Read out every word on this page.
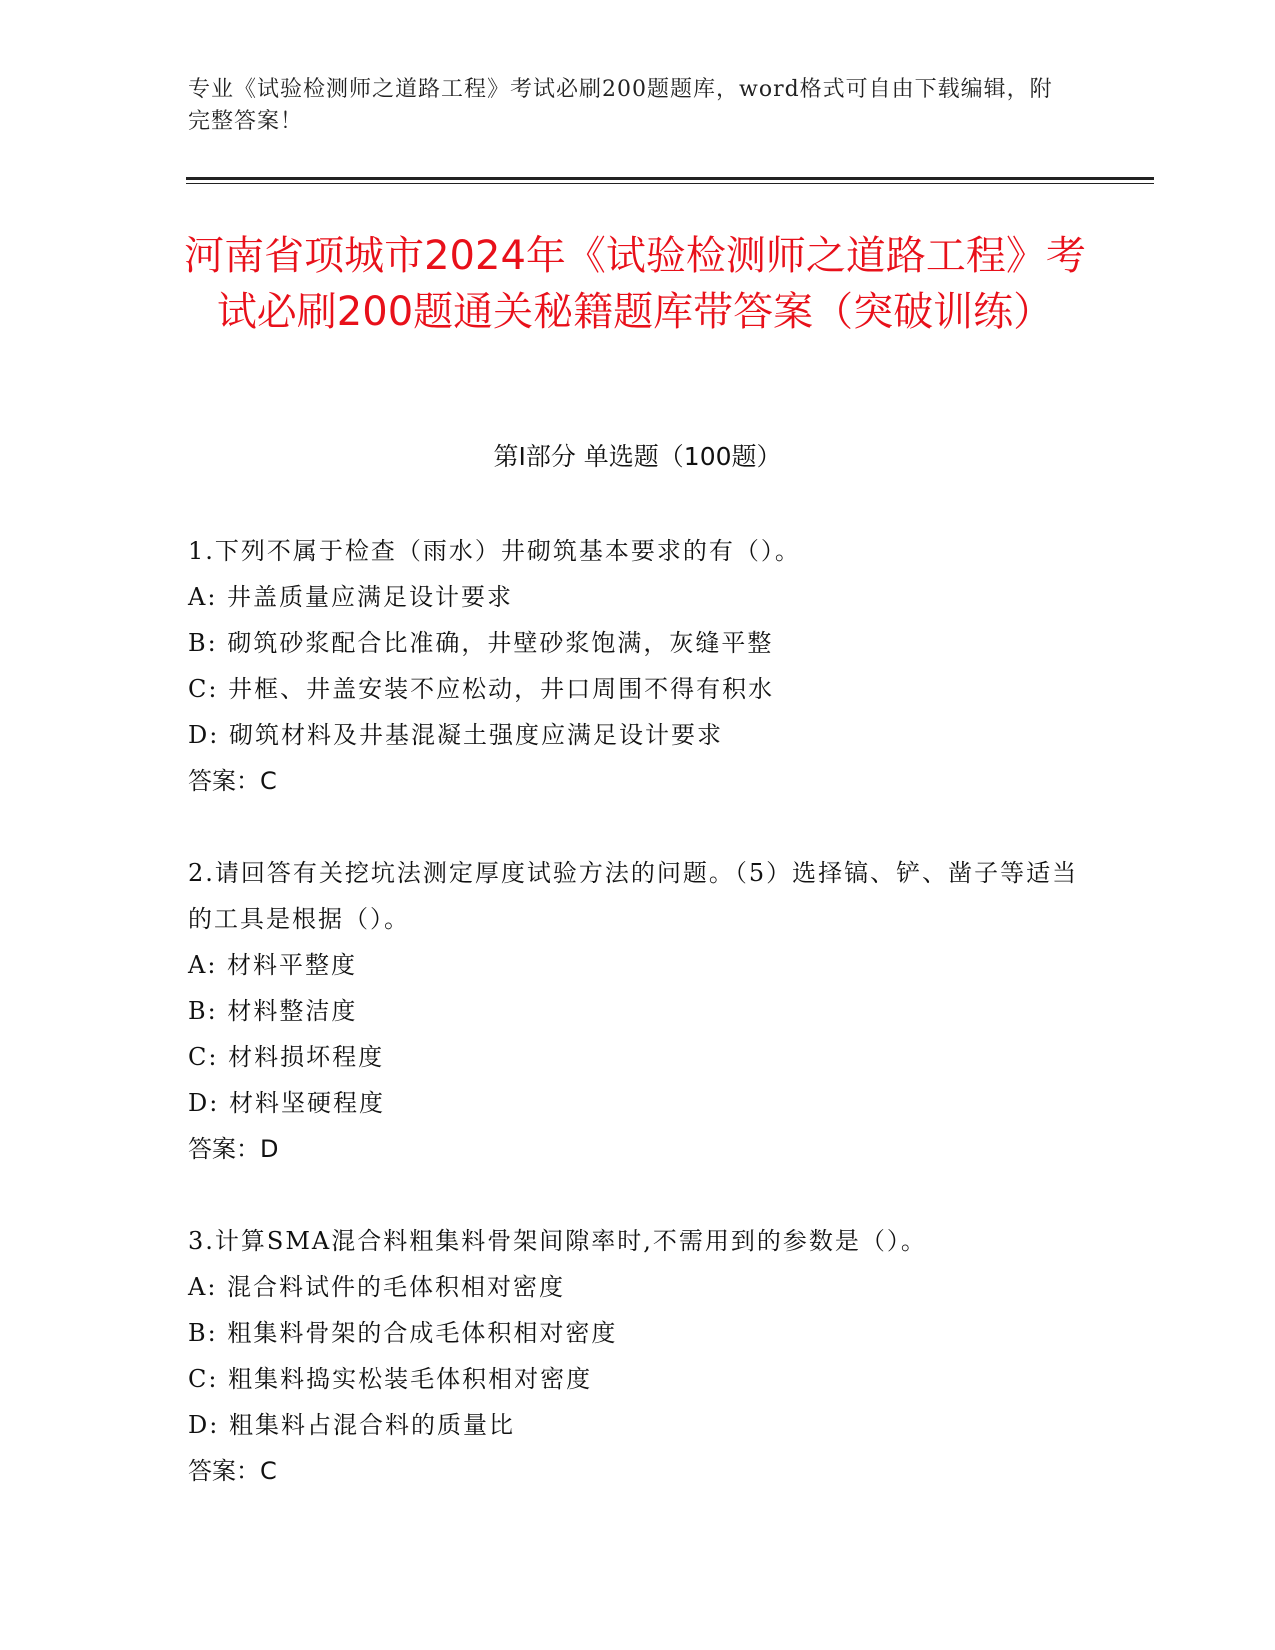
专业《试验检测师之道路工程》考试必刷200题题库，word格式可自由下载编辑，附完整答案！
河南省项城市2024年《试验检测师之道路工程》考试必刷200题通关秘籍题库带答案（突破训练）
第I部分 单选题（100题）

1.下列不属于检查（雨水）井砌筑基本要求的有（）。

A: 井盖质量应满足设计要求

B: 砌筑砂浆配合比准确，井壁砂浆饱满，灰缝平整

C: 井框、井盖安装不应松动，井口周围不得有积水

D: 砌筑材料及井基混凝土强度应满足设计要求

答案：C

2.请回答有关挖坑法测定厚度试验方法的问题。（5）选择镐、铲、凿子等适当的工具是根据（）。

A: 材料平整度

B: 材料整洁度

C: 材料损坏程度

D: 材料坚硬程度

答案：D

3.计算SMA混合料粗集料骨架间隙率时,不需用到的参数是（）。

A: 混合料试件的毛体积相对密度

B: 粗集料骨架的合成毛体积相对密度

C: 粗集料捣实松装毛体积相对密度

D: 粗集料占混合料的质量比

答案：C
